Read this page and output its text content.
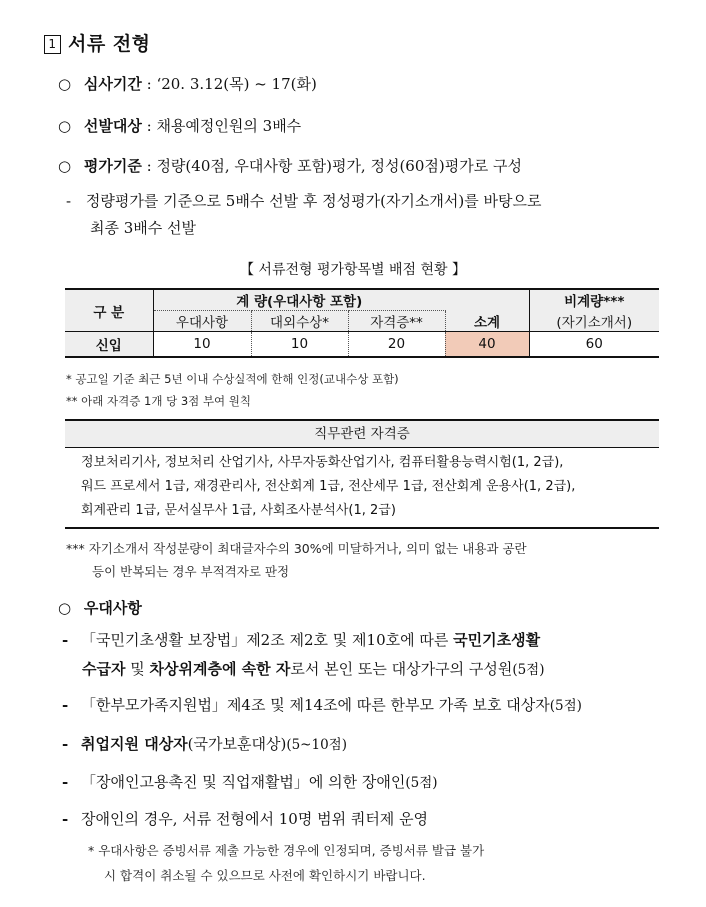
1 서류 전형
○ 심사기간 : ‘20. 3.12(목) ~ 17(화)
○ 선발대상 : 채용예정인원의 3배수
○ 평가기준 : 정량(40점, 우대사항 포함)평가, 정성(60점)평가로 구성
- 정량평가를 기준으로 5배수 선발 후 정성평가(자기소개서)를 바탕으로
최종 3배수 선발
【 서류전형 평가항목별 배점 현황 】
구 분	계 량(우대사항 포함)				비계량***
	우대사항	대외수상*	자격증**	소계	(자기소개서)
신입	10	10	20	40	60
* 공고일 기준 최근 5년 이내 수상실적에 한해 인정(교내수상 포함)
** 아래 자격증 1개 당 3점 부여 원칙
직무관련 자격증
정보처리기사, 정보처리 산업기사, 사무자동화산업기사, 컴퓨터활용능력시험(1, 2급),
워드 프로세서 1급, 재경관리사, 전산회계 1급, 전산세무 1급, 전산회계 운용사(1, 2급),
회계관리 1급, 문서실무사 1급, 사회조사분석사(1, 2급)
*** 자기소개서 작성분량이 최대글자수의 30%에 미달하거나, 의미 없는 내용과 공란
등이 반복되는 경우 부적격자로 판정
○ 우대사항
- 「국민기초생활 보장법」제2조 제2호 및 제10호에 따른 국민기초생활
수급자 및 차상위계층에 속한 자로서 본인 또는 대상가구의 구성원(5점)
- 「한부모가족지원법」제4조 및 제14조에 따른 한부모 가족 보호 대상자(5점)
- 취업지원 대상자(국가보훈대상)(5~10점)
- 「장애인고용촉진 및 직업재활법」에 의한 장애인(5점)
- 장애인의 경우, 서류 전형에서 10명 범위 쿼터제 운영
* 우대사항은 증빙서류 제출 가능한 경우에 인정되며, 증빙서류 발급 불가
시 합격이 취소될 수 있으므로 사전에 확인하시기 바랍니다.
